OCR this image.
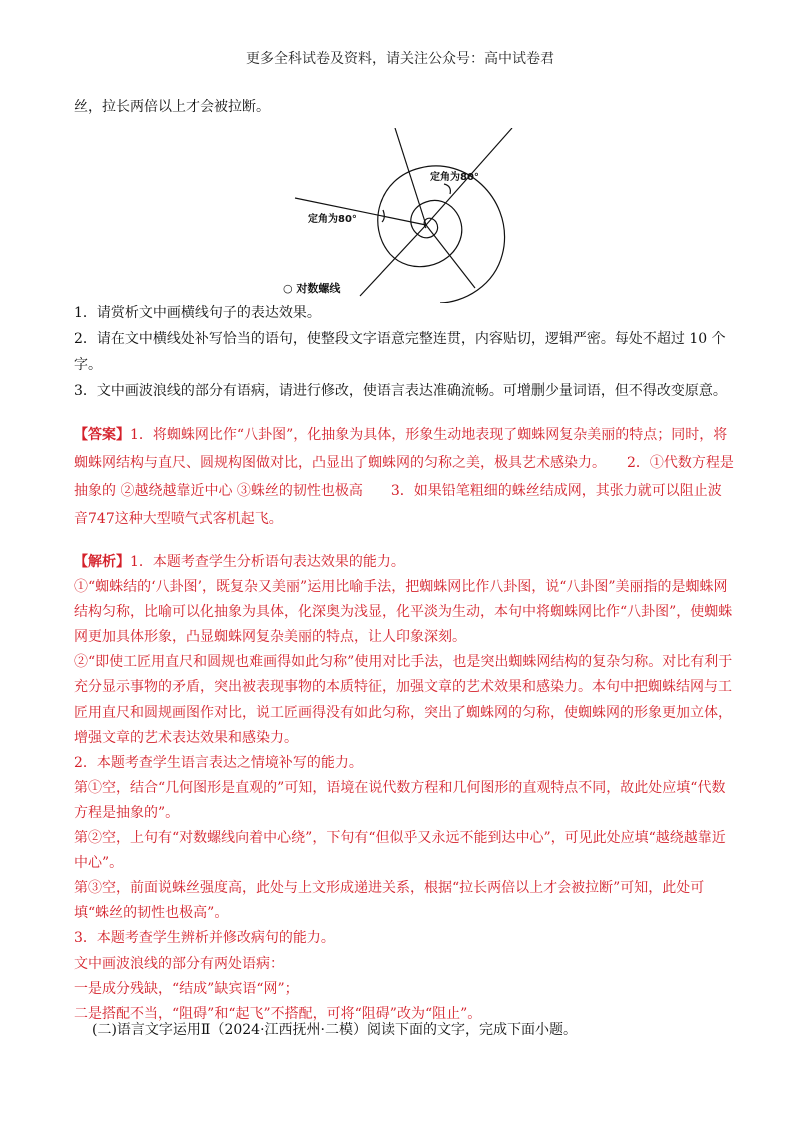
更多全科试卷及资料，请关注公众号：高中试卷君
丝，拉长两倍以上才会被拉断。
定角为80°
定角为80°
○ 对数螺线
1．请赏析文中画横线句子的表达效果。
2．请在文中横线处补写恰当的语句，使整段文字语意完整连贯，内容贴切，逻辑严密。每处不超过 10 个字。
3．文中画波浪线的部分有语病，请进行修改，使语言表达准确流畅。可增删少量词语，但不得改变原意。
【答案】1．将蜘蛛网比作“八卦图”，化抽象为具体，形象生动地表现了蜘蛛网复杂美丽的特点；同时，将蜘蛛网结构与直尺、圆规构图做对比，凸显出了蜘蛛网的匀称之美，极具艺术感染力。　　2．①代数方程是抽象的 ②越绕越靠近中心 ③蛛丝的韧性也极高　　3．如果铅笔粗细的蛛丝结成网，其张力就可以阻止波音747这种大型喷气式客机起飞。

【解析】1．本题考查学生分析语句表达效果的能力。

①“蜘蛛结的‘八卦图’，既复杂又美丽”运用比喻手法，把蜘蛛网比作八卦图，说“八卦图”美丽指的是蜘蛛网结构匀称，比喻可以化抽象为具体，化深奥为浅显，化平淡为生动，本句中将蜘蛛网比作“八卦图”，使蜘蛛网更加具体形象，凸显蜘蛛网复杂美丽的特点，让人印象深刻。

②“即使工匠用直尺和圆规也难画得如此匀称”使用对比手法，也是突出蜘蛛网结构的复杂匀称。对比有利于充分显示事物的矛盾，突出被表现事物的本质特征，加强文章的艺术效果和感染力。本句中把蜘蛛结网与工匠用直尺和圆规画图作对比，说工匠画得没有如此匀称，突出了蜘蛛网的匀称，使蜘蛛网的形象更加立体，增强文章的艺术表达效果和感染力。

2．本题考查学生语言表达之情境补写的能力。

第①空，结合“几何图形是直观的”可知，语境在说代数方程和几何图形的直观特点不同，故此处应填“代数方程是抽象的”。

第②空，上句有“对数螺线向着中心绕”，下句有“但似乎又永远不能到达中心”，可见此处应填“越绕越靠近中心”。

第③空，前面说蛛丝强度高，此处与上文形成递进关系，根据“拉长两倍以上才会被拉断”可知，此处可填“蛛丝的韧性也极高”。

3．本题考查学生辨析并修改病句的能力。

文中画波浪线的部分有两处语病：

一是成分残缺，“结成”缺宾语“网”；

二是搭配不当，“阻碍”和“起飞”不搭配，可将“阻碍”改为“阻止”。

(二)语言文字运用Ⅱ（2024·江西抚州·二模）阅读下面的文字，完成下面小题。
